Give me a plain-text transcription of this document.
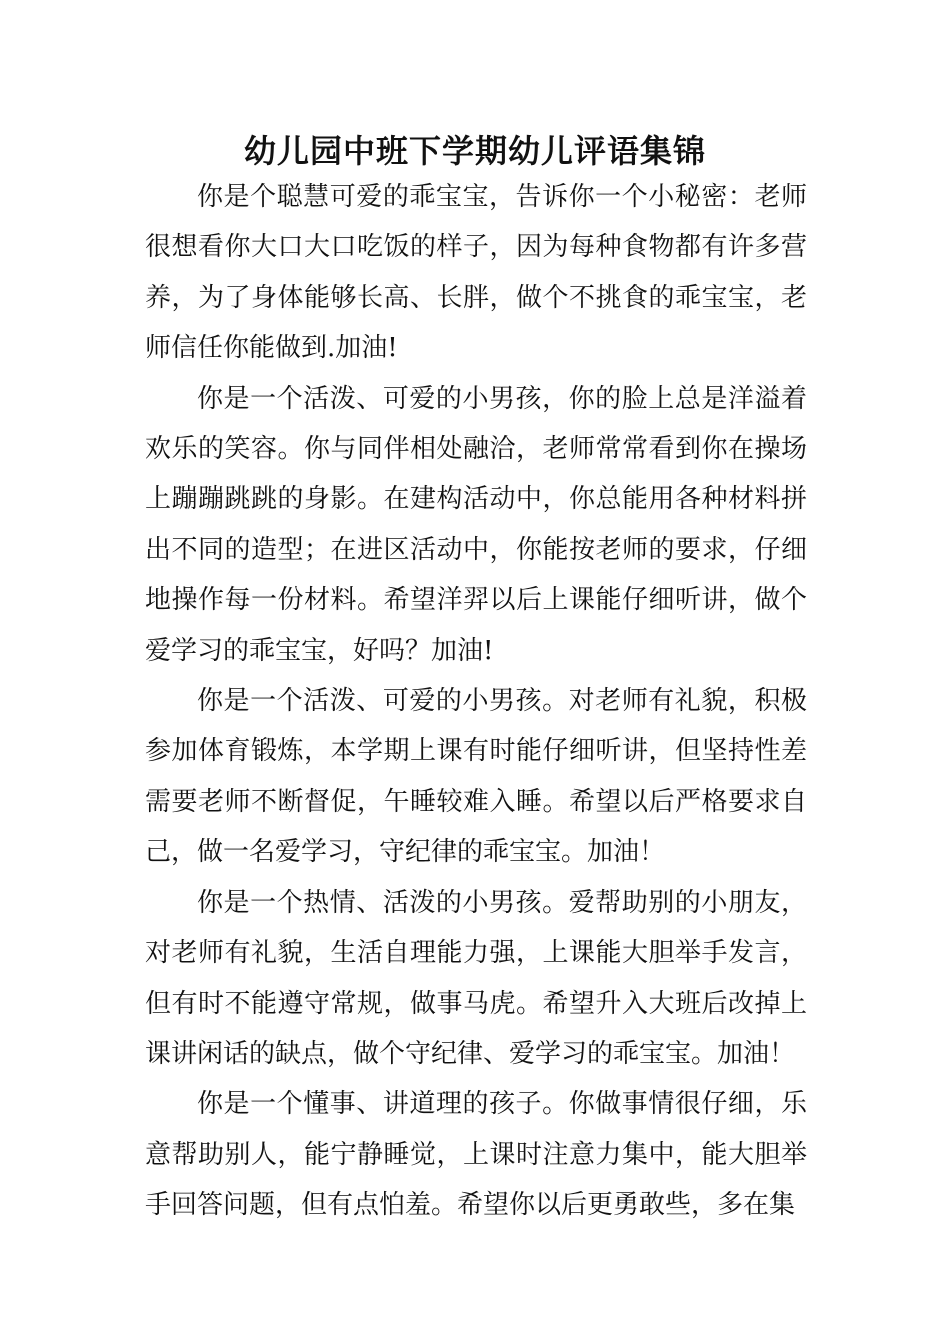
幼儿园中班下学期幼儿评语集锦

你是个聪慧可爱的乖宝宝，告诉你一个小秘密：老师很想看你大口大口吃饭的样子，因为每种食物都有许多营养，为了身体能够长高、长胖，做个不挑食的乖宝宝，老师信任你能做到.加油!

你是一个活泼、可爱的小男孩，你的脸上总是洋溢着欢乐的笑容。你与同伴相处融洽，老师常常看到你在操场上蹦蹦跳跳的身影。在建构活动中，你总能用各种材料拼出不同的造型；在进区活动中，你能按老师的要求，仔细地操作每一份材料。希望洋羿以后上课能仔细听讲，做个爱学习的乖宝宝，好吗？加油!

你是一个活泼、可爱的小男孩。对老师有礼貌，积极参加体育锻炼，本学期上课有时能仔细听讲，但坚持性差需要老师不断督促，午睡较难入睡。希望以后严格要求自己，做一名爱学习，守纪律的乖宝宝。加油！

你是一个热情、活泼的小男孩。爱帮助别的小朋友，对老师有礼貌，生活自理能力强，上课能大胆举手发言，但有时不能遵守常规，做事马虎。希望升入大班后改掉上课讲闲话的缺点，做个守纪律、爱学习的乖宝宝。加油！

你是一个懂事、讲道理的孩子。你做事情很仔细，乐意帮助别人，能宁静睡觉，上课时注意力集中，能大胆举手回答问题，但有点怕羞。希望你以后更勇敢些，多在集
